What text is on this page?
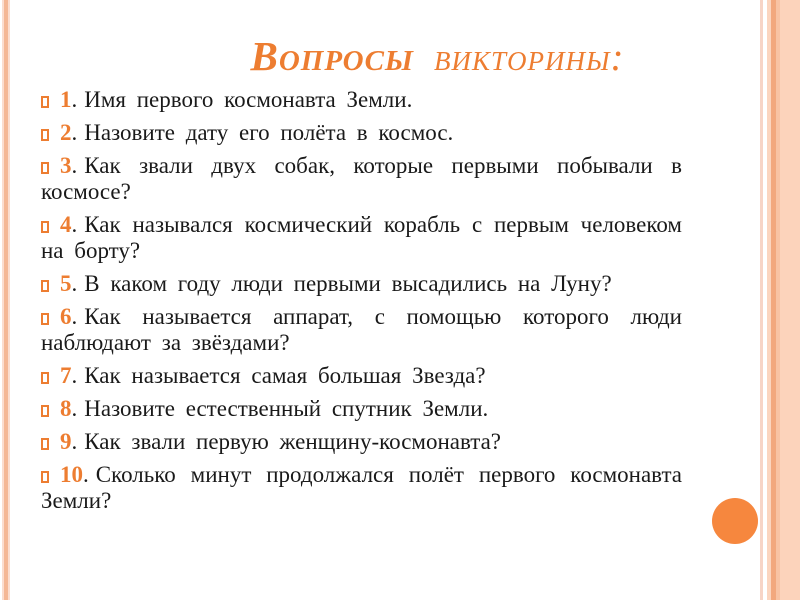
Вопросы викторины:
1. Имя первого космонавта Земли.
2. Назовите дату его полёта в космос.
3. Как звали двух собак, которые первыми побывали в космосе?
4. Как назывался космический корабль с первым человеком на борту?
5. В каком году люди первыми высадились на Луну?
6. Как называется аппарат, с помощью которого люди наблюдают за звёздами?
7. Как называется самая большая Звезда?
8. Назовите естественный спутник Земли.
9. Как звали первую женщину-космонавта?
10. Сколько минут продолжался полёт первого космонавта Земли?
